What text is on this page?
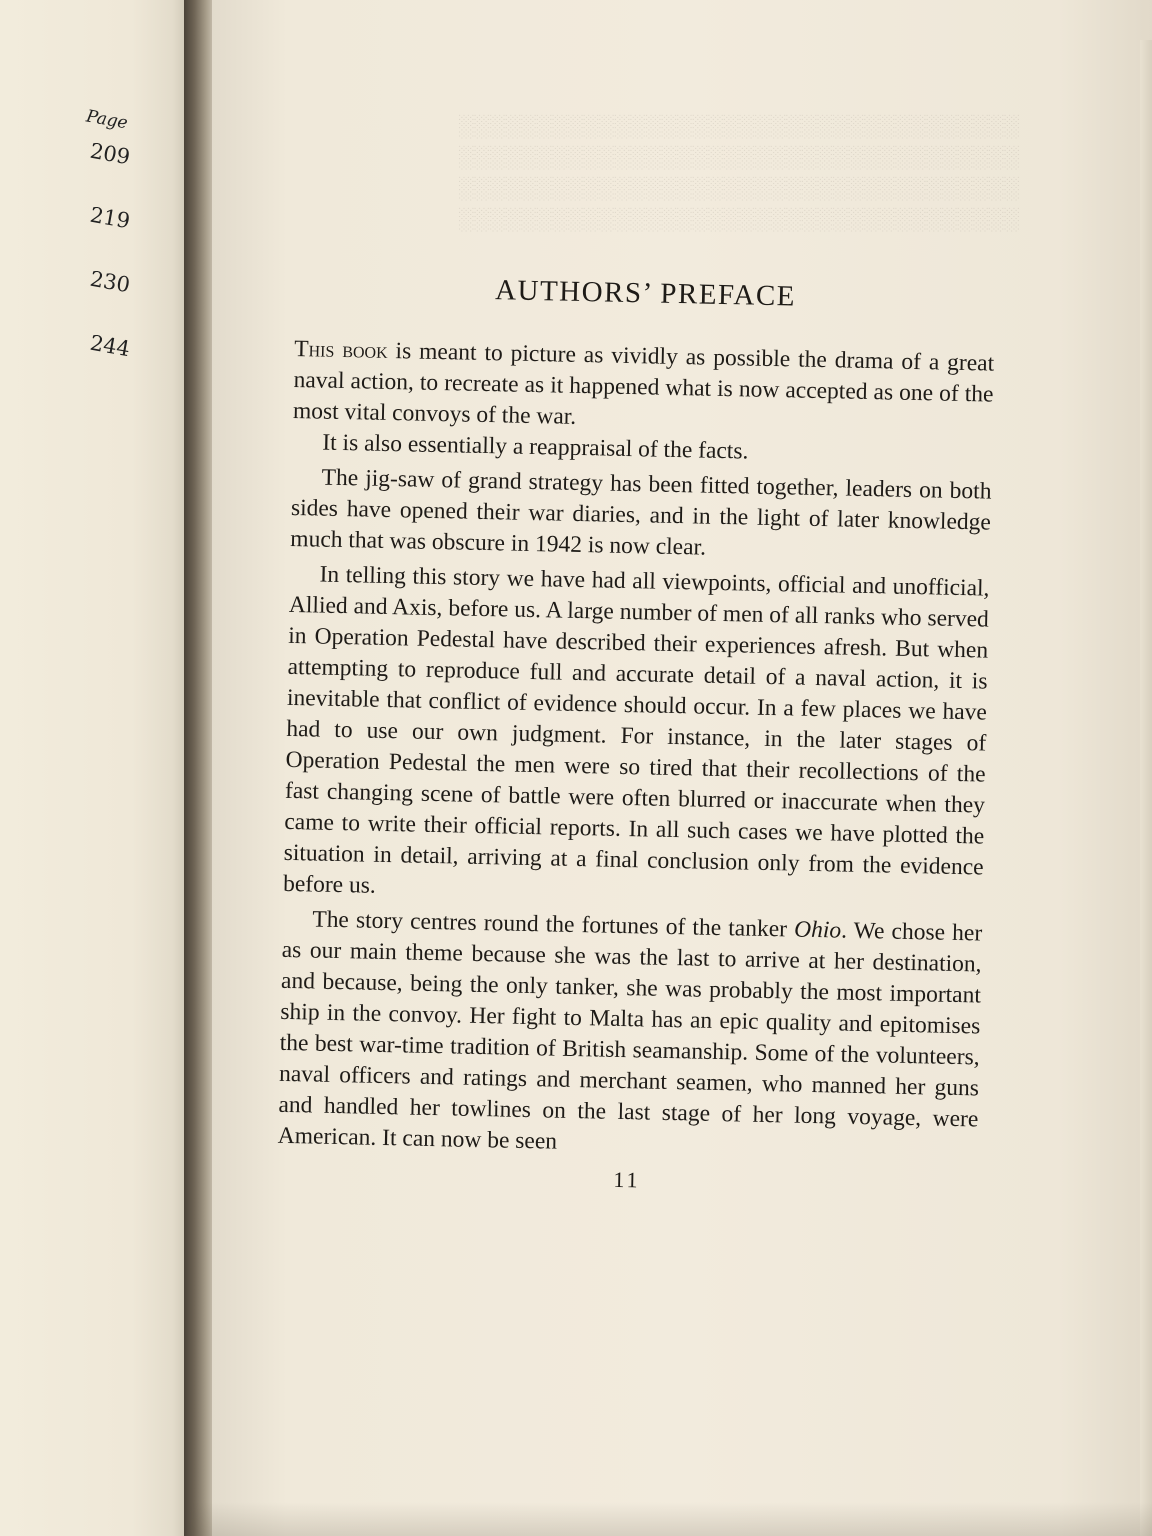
Page
209
219
230
244
░░░░░░░░░░░░░░░░░░░░░░░░░░░░░░░░░░░░
░░░░░░░░░░░░░░░░░░░░░░░░░░░░░░░░░░░░
░░░░░░░░░░░░░░░░░░░░░░░░░░░░░░░░░░░░
░░░░░░░░░░░░░░░░░░░░░░░░░░░░░░░░░░░░
AUTHORS’ PREFACE

This book is meant to picture as vividly as possible the drama of a great naval action, to recreate as it happened what is now accepted as one of the most vital convoys of the war.

It is also essentially a reappraisal of the facts.

The jig-saw of grand strategy has been fitted together, leaders on both sides have opened their war diaries, and in the light of later knowledge much that was obscure in 1942 is now clear.

In telling this story we have had all viewpoints, official and unofficial, Allied and Axis, before us. A large number of men of all ranks who served in Operation Pedestal have described their experiences afresh. But when attempting to reproduce full and accurate detail of a naval action, it is inevitable that conflict of evidence should occur. In a few places we have had to use our own judgment. For instance, in the later stages of Operation Pedestal the men were so tired that their recollections of the fast changing scene of battle were often blurred or inaccurate when they came to write their official reports. In all such cases we have plotted the situation in detail, arriving at a final conclusion only from the evidence before us.

The story centres round the fortunes of the tanker Ohio. We chose her as our main theme because she was the last to arrive at her destination, and because, being the only tanker, she was probably the most important ship in the convoy. Her fight to Malta has an epic quality and epitomises the best war-time tradition of British seamanship. Some of the volunteers, naval officers and ratings and merchant seamen, who manned her guns and handled her towlines on the last stage of her long voyage, were American. It can now be seen

11
